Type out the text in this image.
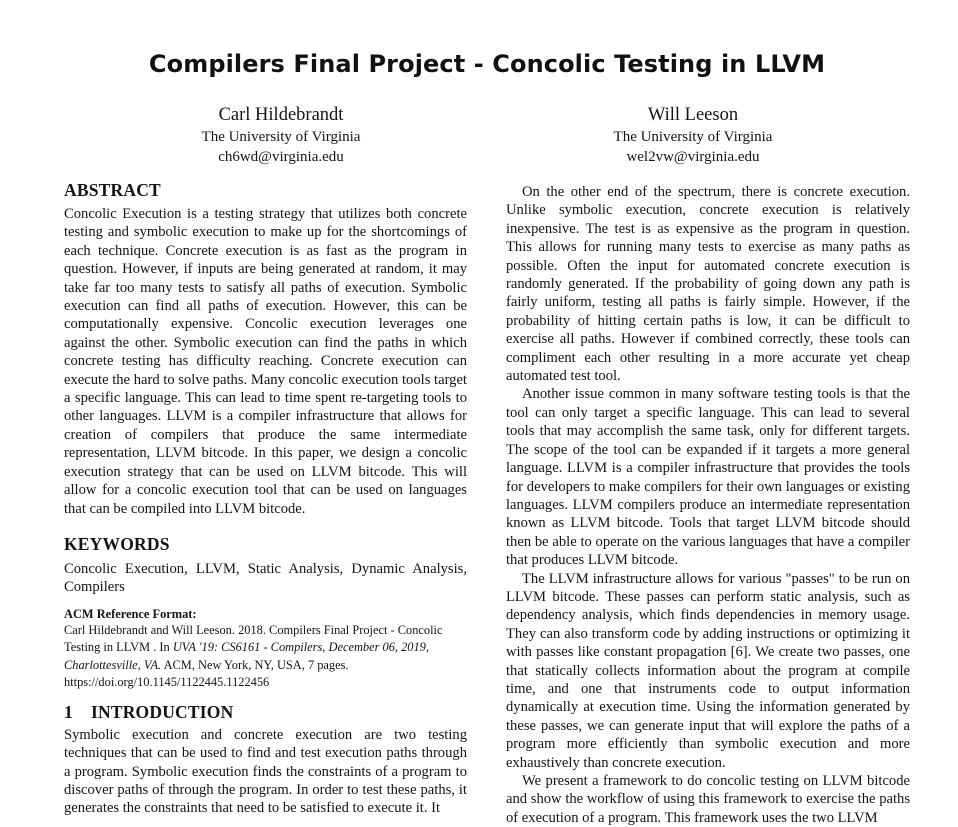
Compilers Final Project - Concolic Testing in LLVM
Carl Hildebrandt
The University of Virginia
ch6wd@virginia.edu
Will Leeson
The University of Virginia
wel2vw@virginia.edu
ABSTRACT

Concolic Execution is a testing strategy that utilizes both concrete testing and symbolic execution to make up for the shortcomings of each technique. Concrete execution is as fast as the program in question. However, if inputs are being generated at random, it may take far too many tests to satisfy all paths of execution. Symbolic execution can find all paths of execution. However, this can be computationally expensive. Concolic execution leverages one against the other. Symbolic execution can find the paths in which concrete testing has difficulty reaching. Concrete execution can execute the hard to solve paths. Many concolic execution tools target a specific language. This can lead to time spent re-targeting tools to other languages. LLVM is a compiler infrastructure that allows for creation of compilers that produce the same intermediate representation, LLVM bitcode. In this paper, we design a concolic execution strategy that can be used on LLVM bitcode. This will allow for a concolic execution tool that can be used on languages that can be compiled into LLVM bitcode.

KEYWORDS

Concolic Execution, LLVM, Static Analysis, Dynamic Analysis, Compilers

ACM Reference Format:

Carl Hildebrandt and Will Leeson. 2018. Compilers Final Project - Concolic Testing in LLVM . In UVA '19: CS6161 - Compilers, December 06, 2019, Charlottesville, VA. ACM, New York, NY, USA, 7 pages. https://doi.org/10.1145/1122445.1122456

1 INTRODUCTION

Symbolic execution and concrete execution are two testing techniques that can be used to find and test execution paths through a program. Symbolic execution finds the constraints of a program to discover paths of through the program. In order to test these paths, it generates the constraints that need to be satisfied to execute it. It

On the other end of the spectrum, there is concrete execution. Unlike symbolic execution, concrete execution is relatively inexpensive. The test is as expensive as the program in question. This allows for running many tests to exercise as many paths as possible. Often the input for automated concrete execution is randomly generated. If the probability of going down any path is fairly uniform, testing all paths is fairly simple. However, if the probability of hitting certain paths is low, it can be difficult to exercise all paths. However if combined correctly, these tools can compliment each other resulting in a more accurate yet cheap automated test tool.

Another issue common in many software testing tools is that the tool can only target a specific language. This can lead to several tools that may accomplish the same task, only for different targets. The scope of the tool can be expanded if it targets a more general language. LLVM is a compiler infrastructure that provides the tools for developers to make compilers for their own languages or existing languages. LLVM compilers produce an intermediate representation known as LLVM bitcode. Tools that target LLVM bitcode should then be able to operate on the various languages that have a compiler that produces LLVM bitcode.

The LLVM infrastructure allows for various "passes" to be run on LLVM bitcode. These passes can perform static analysis, such as dependency analysis, which finds dependencies in memory usage. They can also transform code by adding instructions or optimizing it with passes like constant propagation [6]. We create two passes, one that statically collects information about the program at compile time, and one that instruments code to output information dynamically at execution time. Using the information generated by these passes, we can generate input that will explore the paths of a program more efficiently than symbolic execution and more exhaustively than concrete execution.

We present a framework to do concolic testing on LLVM bitcode and show the workflow of using this framework to exercise the paths of execution of a program. This framework uses the two LLVM
